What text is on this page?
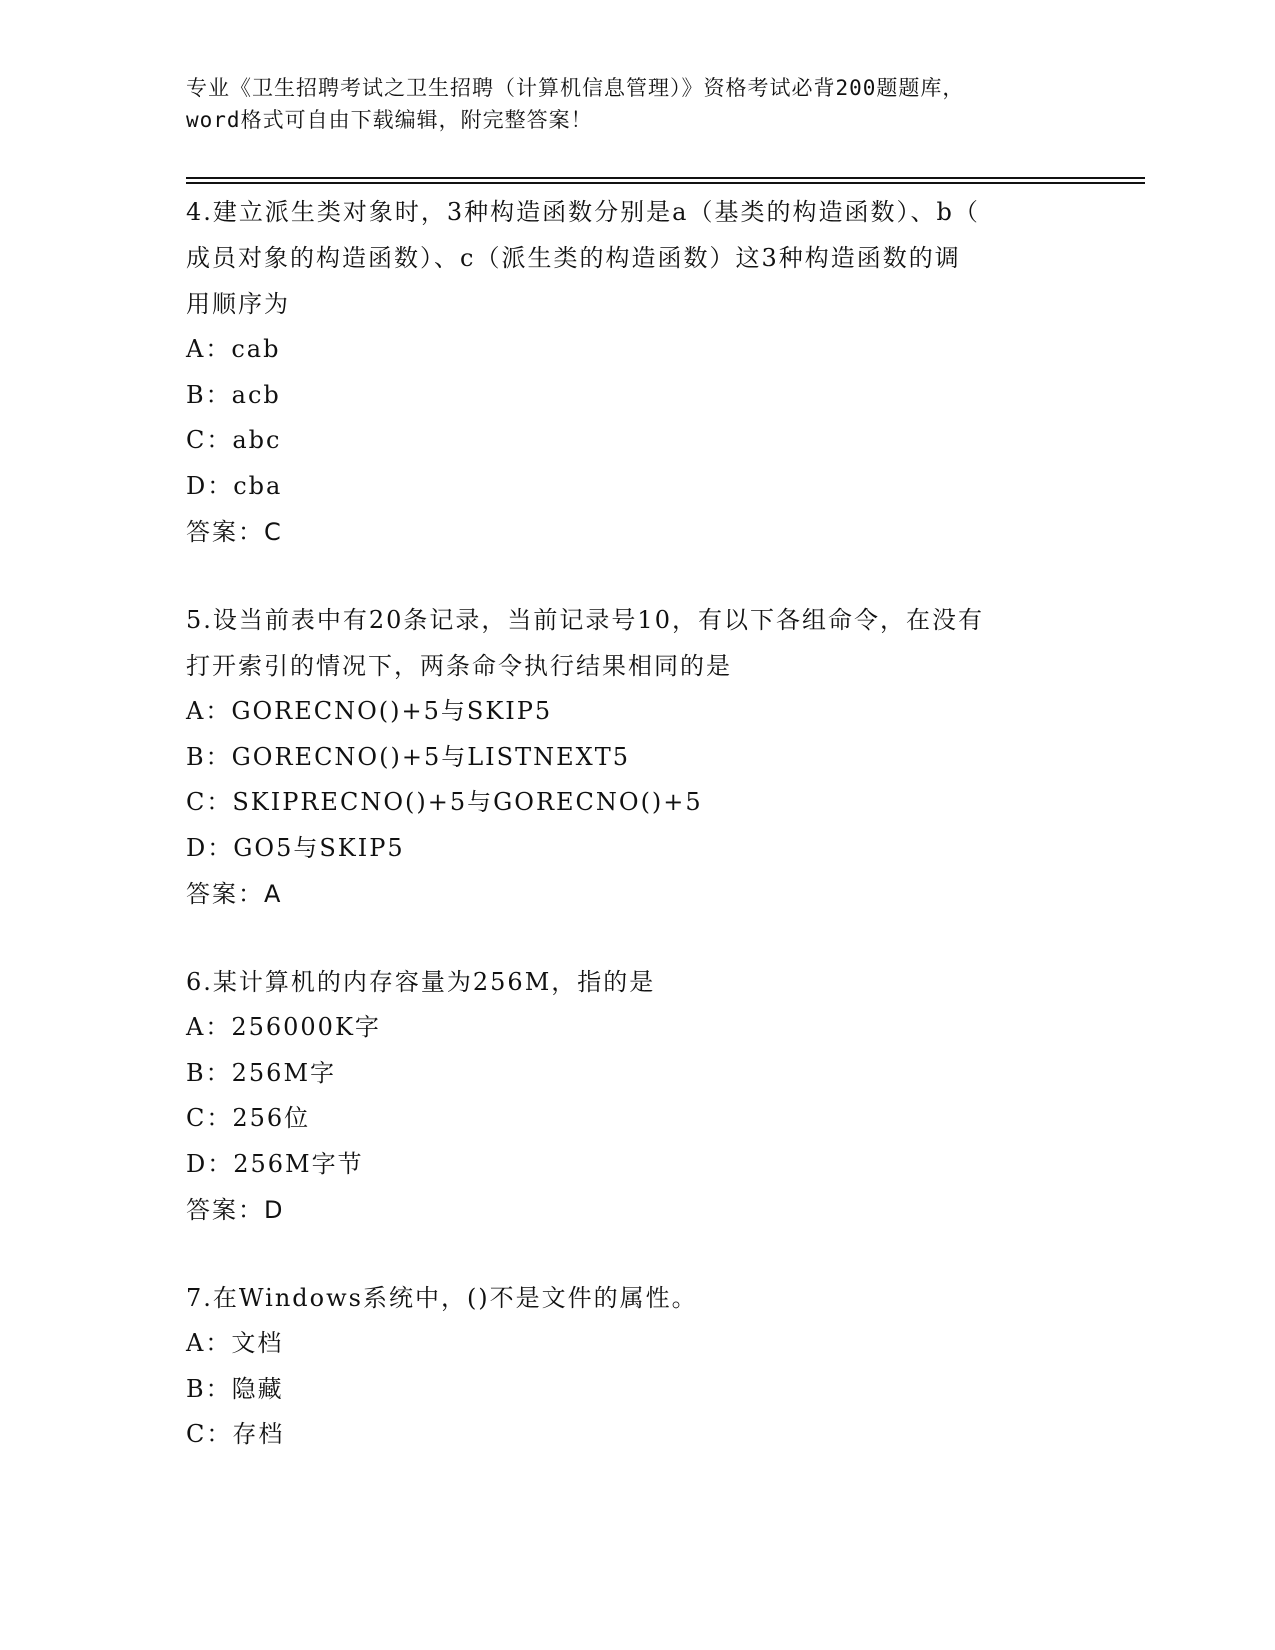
专业《卫生招聘考试之卫生招聘（计算机信息管理）》资格考试必背200题题库，
word格式可自由下载编辑，附完整答案！
4.建立派生类对象时，3种构造函数分别是a（基类的构造函数）、b（
成员对象的构造函数）、c（派生类的构造函数）这3种构造函数的调
用顺序为
A：cab
B：acb
C：abc
D：cba
答案：C
5.设当前表中有20条记录，当前记录号10，有以下各组命令，在没有
打开索引的情况下，两条命令执行结果相同的是
A：GORECNO()+5与SKIP5
B：GORECNO()+5与LISTNEXT5
C：SKIPRECNO()+5与GORECNO()+5
D：GO5与SKIP5
答案：A
6.某计算机的内存容量为256M，指的是
A：256000K字
B：256M字
C：256位
D：256M字节
答案：D
7.在Windows系统中，()不是文件的属性。
A：文档
B：隐藏
C：存档
